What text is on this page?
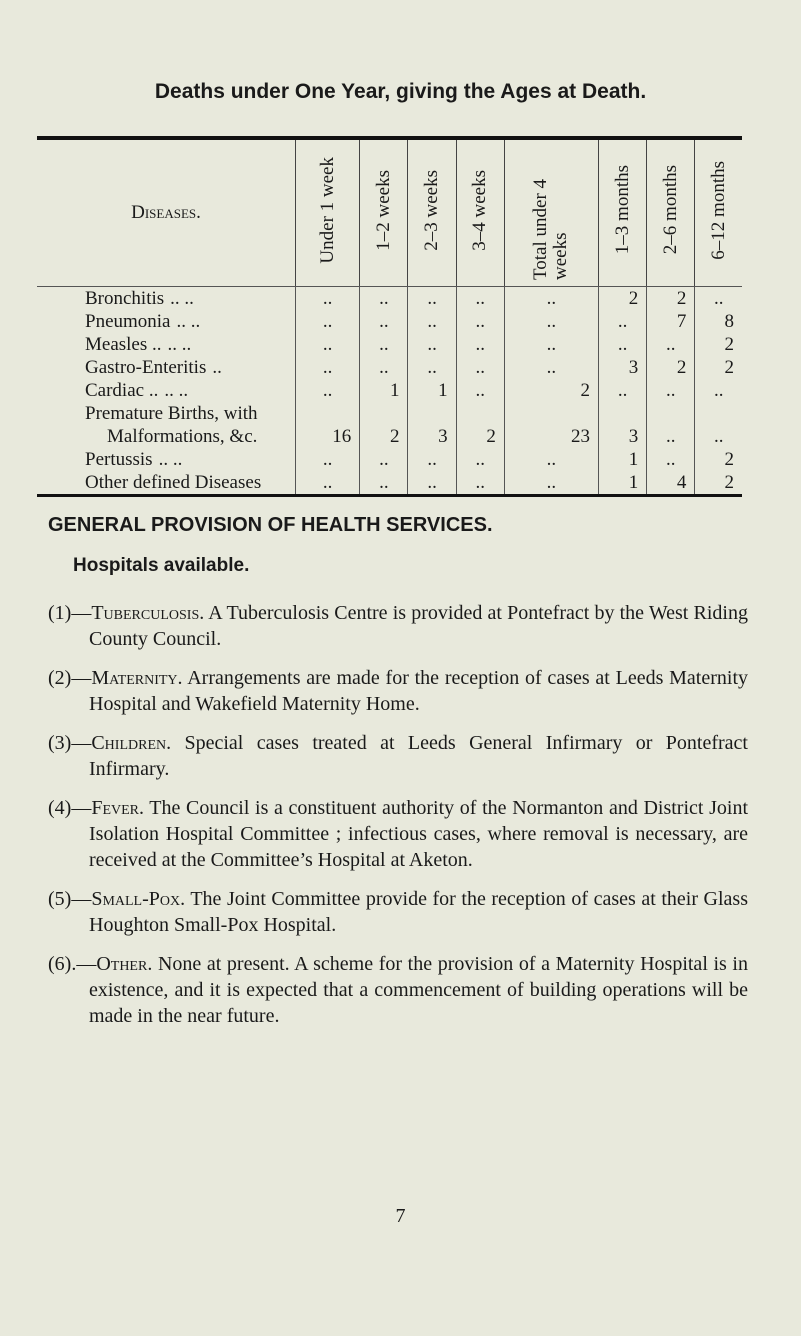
Deaths under One Year, giving the Ages at Death.
Diseases.	Under 1 week	1–2 weeks	2–3 weeks	3–4 weeks	Total under 4 weeks	1–3 months	2–6 months	6–12 months
Bronchitis .. ..	..	..	..	..	..	2	2	..
Pneumonia .. ..	..	..	..	..	..	..	7	8
Measles .. .. ..	..	..	..	..	..	..	..	2
Gastro-Enteritis ..	..	..	..	..	..	3	2	2
Cardiac .. .. ..	..	1	1	..	2	..	..	..
Premature Births, with								
Malformations, &c.	16	2	3	2	23	3	..	..
Pertussis .. ..	..	..	..	..	..	1	..	2
Other defined Diseases	..	..	..	..	..	1	4	2
GENERAL PROVISION OF HEALTH SERVICES.
Hospitals available.
(1)—Tuberculosis. A Tuberculosis Centre is provided at Pontefract by the West Riding County Council.
(2)—Maternity. Arrangements are made for the reception of cases at Leeds Maternity Hospital and Wakefield Maternity Home.
(3)—Children. Special cases treated at Leeds General Infirmary or Pontefract Infirmary.
(4)—Fever. The Council is a constituent authority of the Normanton and District Joint Isolation Hospital Committee ; infectious cases, where removal is necessary, are received at the Committee’s Hospital at Aketon.
(5)—Small-Pox. The Joint Committee provide for the reception of cases at their Glass Houghton Small-Pox Hospital.
(6).—Other. None at present. A scheme for the provision of a Maternity Hospital is in existence, and it is expected that a commencement of building operations will be made in the near future.
7
